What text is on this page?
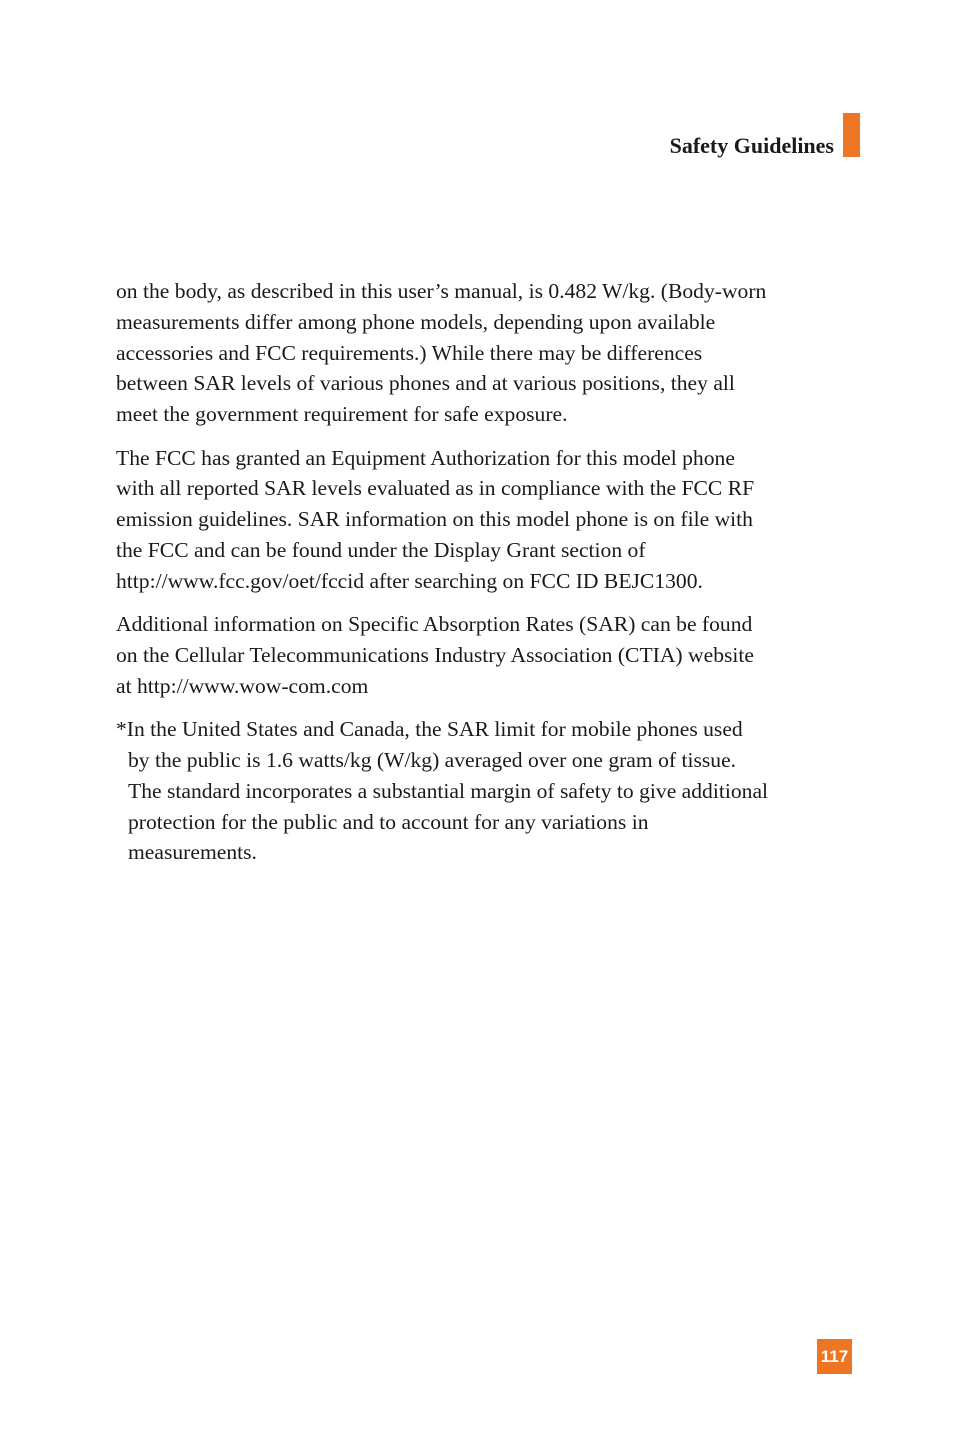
Safety Guidelines

on the body, as described in this user’s manual, is 0.482 W/kg. (Body-worn
measurements differ among phone models, depending upon available
accessories and FCC requirements.) While there may be differences
between SAR levels of various phones and at various positions, they all
meet the government requirement for safe exposure.

The FCC has granted an Equipment Authorization for this model phone
with all reported SAR levels evaluated as in compliance with the FCC RF
emission guidelines. SAR information on this model phone is on file with
the FCC and can be found under the Display Grant section of
http://www.fcc.gov/oet/fccid after searching on FCC ID BEJC1300.

Additional information on Specific Absorption Rates (SAR) can be found
on the Cellular Telecommunications Industry Association (CTIA) website
at http://www.wow-com.com

*In the United States and Canada, the SAR limit for mobile phones used
by the public is 1.6 watts/kg (W/kg) averaged over one gram of tissue.
The standard incorporates a substantial margin of safety to give additional
protection for the public and to account for any variations in
measurements.

117
